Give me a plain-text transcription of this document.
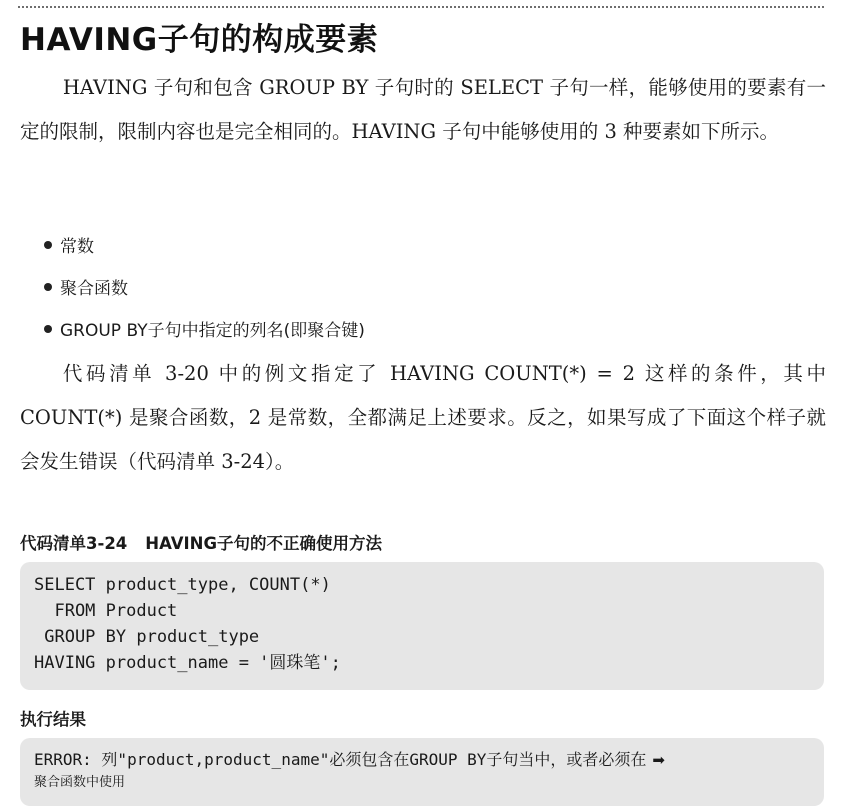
HAVING子句的构成要素

HAVING 子句和包含 GROUP BY 子句时的 SELECT 子句一样，能够使用的要素有一定的限制，限制内容也是完全相同的。HAVING 子句中能够使用的 3 种要素如下所示。

常数
聚合函数
GROUP BY子句中指定的列名(即聚合键)

代码清单 3-20 中的例文指定了 HAVING COUNT(*) = 2 这样的条件，其中 COUNT(*) 是聚合函数，2 是常数，全都满足上述要求。反之，如果写成了下面这个样子就会发生错误（代码清单 3-24）。

代码清单3-24 HAVING子句的不正确使用方法
SELECT product_type, COUNT(*)
FROM Product
GROUP BY product_type
HAVING product_name = '圆珠笔';
执行结果
ERROR: 列"product,product_name"必须包含在GROUP BY子句当中，或者必须在 ➡
聚合函数中使用
